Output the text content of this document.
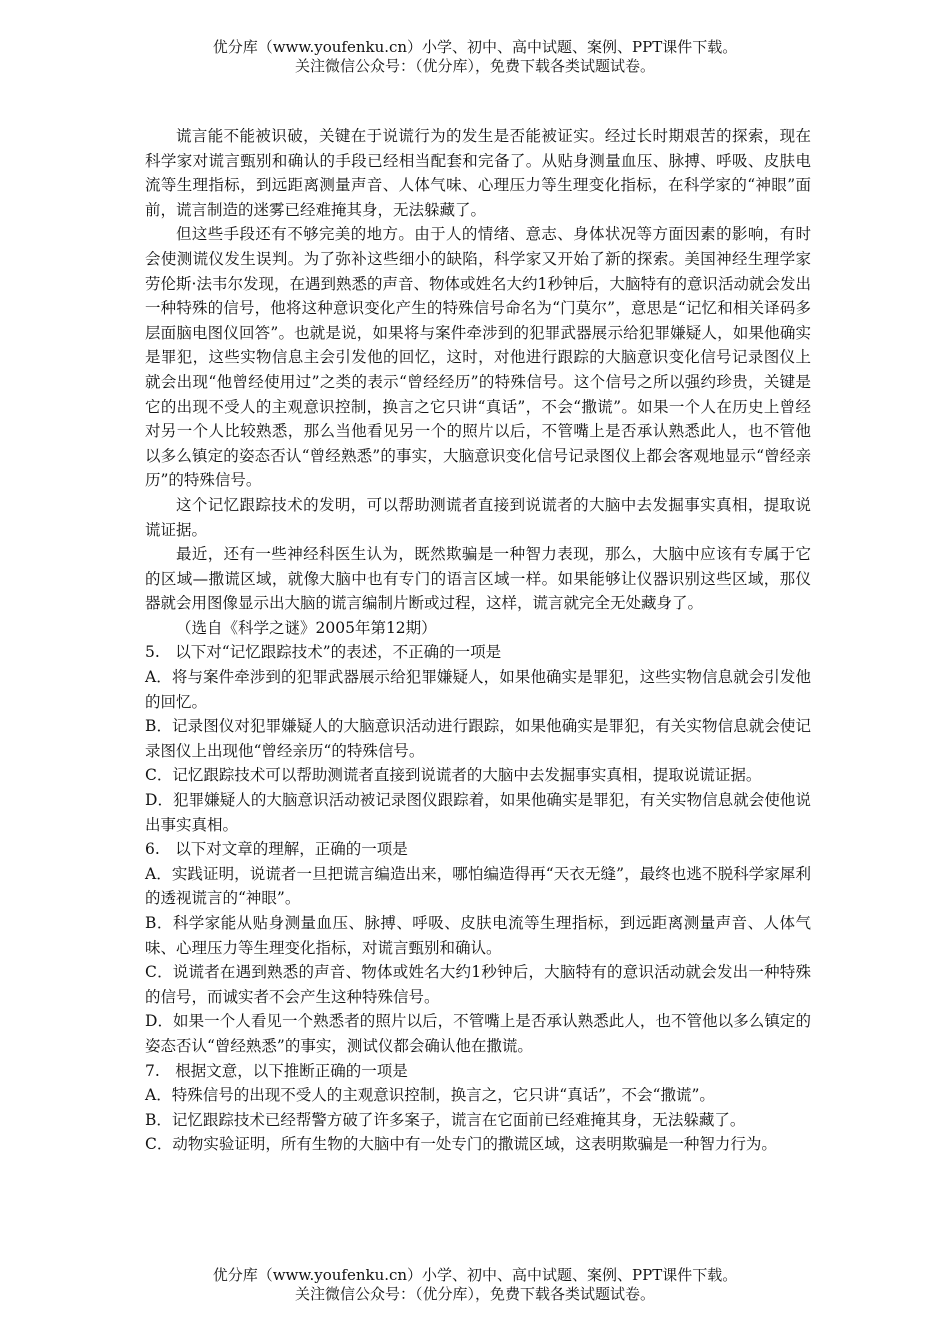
优分库（www.youfenku.cn）小学、初中、高中试题、案例、PPT课件下载。
关注微信公众号：（优分库），免费下载各类试题试卷。

谎言能不能被识破，关键在于说谎行为的发生是否能被证实。经过长时期艰苦的探索，现在科学家对谎言甄别和确认的手段已经相当配套和完备了。从贴身测量血压、脉搏、呼吸、皮肤电流等生理指标，到远距离测量声音、人体气味、心理压力等生理变化指标，在科学家的“神眼”面前，谎言制造的迷雾已经难掩其身，无法躲藏了。

但这些手段还有不够完美的地方。由于人的情绪、意志、身体状况等方面因素的影响，有时会使测谎仪发生误判。为了弥补这些细小的缺陷，科学家又开始了新的探索。美国神经生理学家劳伦斯·法韦尔发现，在遇到熟悉的声音、物体或姓名大约1秒钟后，大脑特有的意识活动就会发出一种特殊的信号，他将这种意识变化产生的特殊信号命名为“门莫尔”，意思是“记忆和相关译码多层面脑电图仪回答”。也就是说，如果将与案件牵涉到的犯罪武器展示给犯罪嫌疑人，如果他确实是罪犯，这些实物信息主会引发他的回忆，这时，对他进行跟踪的大脑意识变化信号记录图仪上就会出现“他曾经使用过”之类的表示“曾经经历”的特殊信号。这个信号之所以强约珍贵，关键是它的出现不受人的主观意识控制，换言之它只讲“真话”，不会“撒谎”。如果一个人在历史上曾经对另一个人比较熟悉，那么当他看见另一个的照片以后，不管嘴上是否承认熟悉此人，也不管他以多么镇定的姿态否认“曾经熟悉”的事实，大脑意识变化信号记录图仪上都会客观地显示“曾经亲历”的特殊信号。

这个记忆跟踪技术的发明，可以帮助测谎者直接到说谎者的大脑中去发掘事实真相，提取说谎证据。

最近，还有一些神经科医生认为，既然欺骗是一种智力表现，那么，大脑中应该有专属于它的区域—撒谎区域，就像大脑中也有专门的语言区域一样。如果能够让仪器识别这些区域，那仪器就会用图像显示出大脑的谎言编制片断或过程，这样，谎言就完全无处藏身了。

（选自《科学之谜》2005年第12期）

5.　以下对“记忆跟踪技术”的表述，不正确的一项是

A．将与案件牵涉到的犯罪武器展示给犯罪嫌疑人，如果他确实是罪犯，这些实物信息就会引发他的回忆。

B．记录图仪对犯罪嫌疑人的大脑意识活动进行跟踪，如果他确实是罪犯，有关实物信息就会使记录图仪上出现他“曾经亲历“的特殊信号。

C．记忆跟踪技术可以帮助测谎者直接到说谎者的大脑中去发掘事实真相，提取说谎证据。

D．犯罪嫌疑人的大脑意识活动被记录图仪跟踪着，如果他确实是罪犯，有关实物信息就会使他说出事实真相。

6.　以下对文章的理解，正确的一项是

A．实践证明，说谎者一旦把谎言编造出来，哪怕编造得再“天衣无缝”，最终也逃不脱科学家犀利的透视谎言的“神眼”。

B．科学家能从贴身测量血压、脉搏、呼吸、皮肤电流等生理指标，到远距离测量声音、人体气味、心理压力等生理变化指标，对谎言甄别和确认。

C．说谎者在遇到熟悉的声音、物体或姓名大约1秒钟后，大脑特有的意识活动就会发出一种特殊的信号，而诚实者不会产生这种特殊信号。

D．如果一个人看见一个熟悉者的照片以后，不管嘴上是否承认熟悉此人，也不管他以多么镇定的姿态否认“曾经熟悉”的事实，测试仪都会确认他在撒谎。

7.　根据文意，以下推断正确的一项是

A．特殊信号的出现不受人的主观意识控制，换言之，它只讲“真话”，不会“撒谎”。

B．记忆跟踪技术已经帮警方破了许多案子，谎言在它面前已经难掩其身，无法躲藏了。

C．动物实验证明，所有生物的大脑中有一处专门的撒谎区域，这表明欺骗是一种智力行为。

优分库（www.youfenku.cn）小学、初中、高中试题、案例、PPT课件下载。
关注微信公众号：（优分库），免费下载各类试题试卷。
